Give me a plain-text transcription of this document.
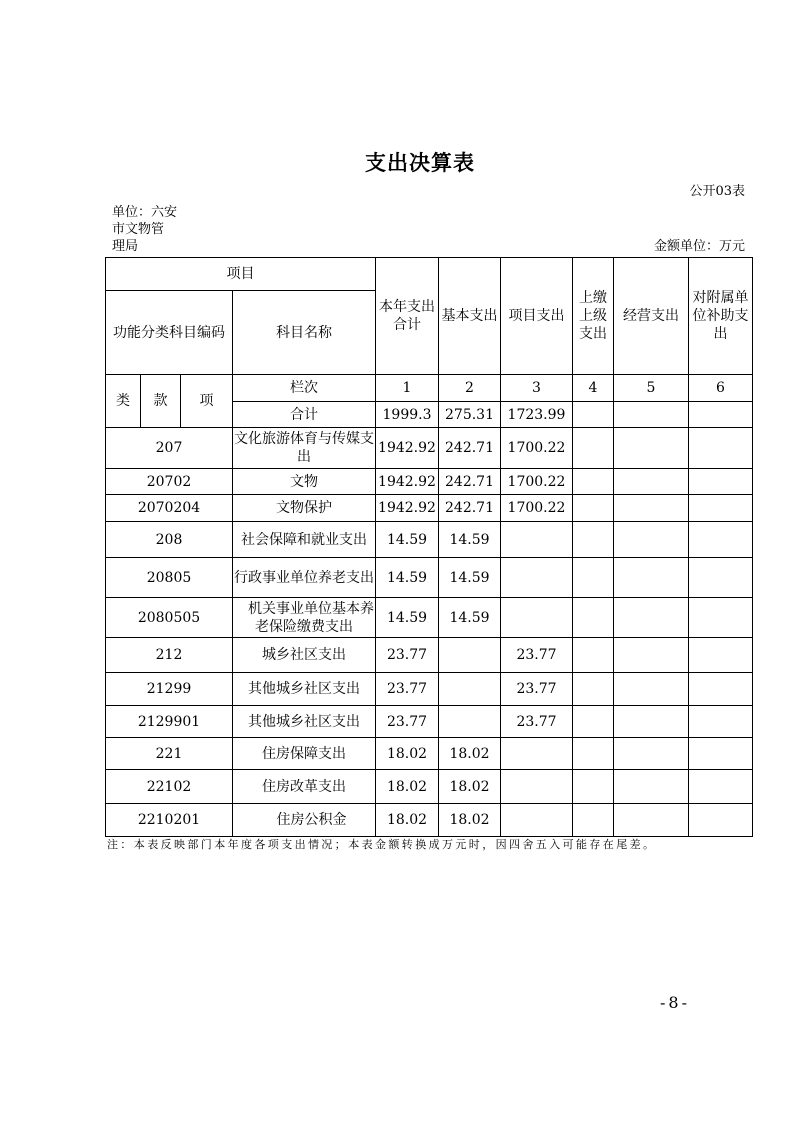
支出决算表
公开03表
单位：六安
市文物管
理局	金额单位：万元
项目				本年支出合计	基本支出	项目支出	上缴上级支出	经营支出	对附属单位补助支出
功能分类科目编码			科目名称						
类	款	项	栏次	1	2	3	4	5	6
			合计	1999.3	275.31	1723.99			
207			文化旅游体育与传媒支出	1942.92	242.71	1700.22			
20702			文物	1942.92	242.71	1700.22			
2070204			文物保护	1942.92	242.71	1700.22			
208			社会保障和就业支出	14.59	14.59				
20805			行政事业单位养老支出	14.59	14.59				
2080505			机关事业单位基本养老保险缴费支出	14.59	14.59				
212			城乡社区支出	23.77		23.77			
21299			其他城乡社区支出	23.77		23.77			
2129901			其他城乡社区支出	23.77		23.77			
221			住房保障支出	18.02	18.02				
22102			住房改革支出	18.02	18.02				
2210201			住房公积金	18.02	18.02				
注：本表反映部门本年度各项支出情况；本表金额转换成万元时，因四舍五入可能存在尾差。
-8-
